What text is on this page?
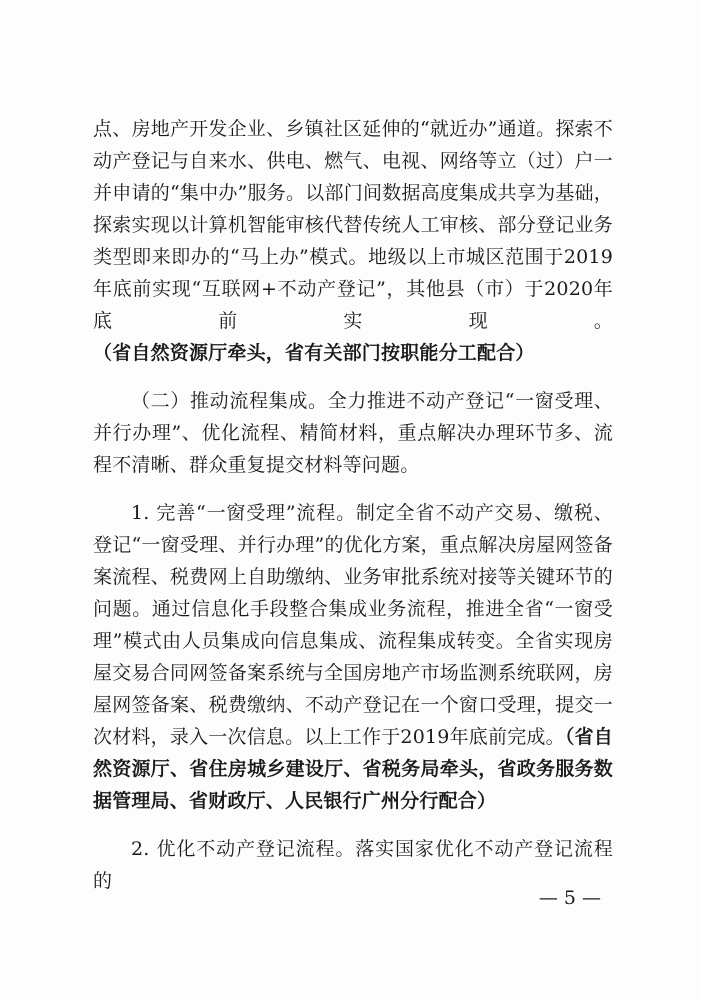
点、房地产开发企业、乡镇社区延伸的“就近办”通道。探索不动产登记与自来水、供电、燃气、电视、网络等立（过）户一并申请的“集中办”服务。以部门间数据高度集成共享为基础，探索实现以计算机智能审核代替传统人工审核、部分登记业务类型即来即办的“马上办”模式。地级以上市城区范围于2019年底前实现“互联网+不动产登记”，其他县（市）于2020年底前实现。（省自然资源厅牵头，省有关部门按职能分工配合）

（二）推动流程集成。全力推进不动产登记“一窗受理、并行办理”、优化流程、精简材料，重点解决办理环节多、流程不清晰、群众重复提交材料等问题。

1. 完善“一窗受理”流程。制定全省不动产交易、缴税、登记“一窗受理、并行办理”的优化方案，重点解决房屋网签备案流程、税费网上自助缴纳、业务审批系统对接等关键环节的问题。通过信息化手段整合集成业务流程，推进全省“一窗受理”模式由人员集成向信息集成、流程集成转变。全省实现房屋交易合同网签备案系统与全国房地产市场监测系统联网，房屋网签备案、税费缴纳、不动产登记在一个窗口受理，提交一次材料，录入一次信息。以上工作于2019年底前完成。（省自然资源厅、省住房城乡建设厅、省税务局牵头，省政务服务数据管理局、省财政厅、人民银行广州分行配合）

2. 优化不动产登记流程。落实国家优化不动产登记流程的

— 5 —
